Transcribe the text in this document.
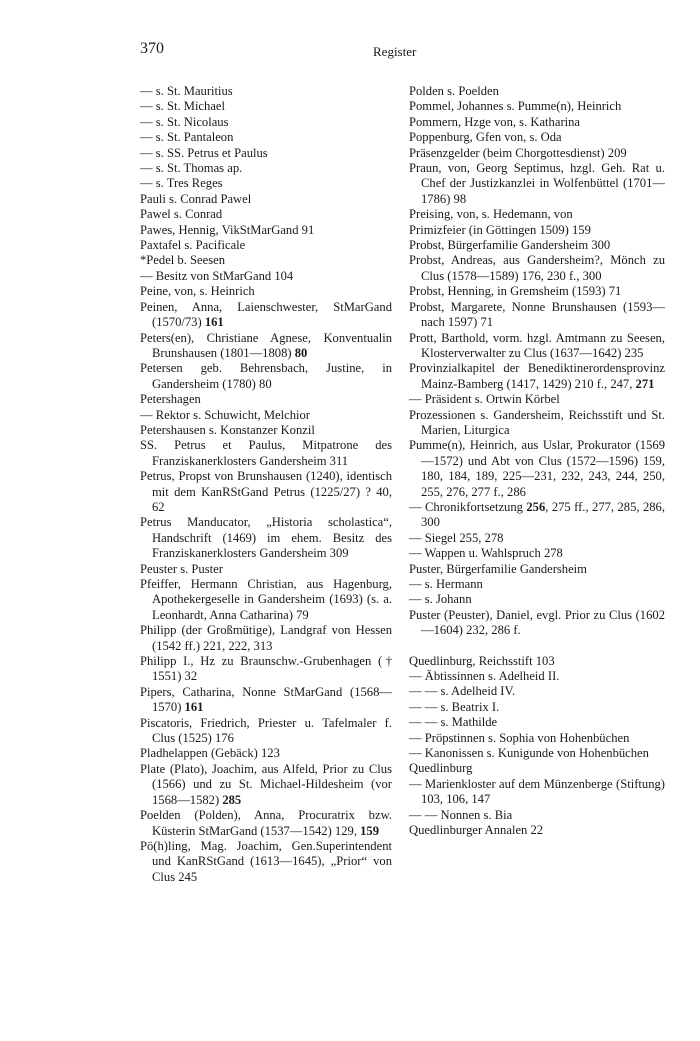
370	Register
— s. St. Mauritius
— s. St. Michael
— s. St. Nicolaus
— s. St. Pantaleon
— s. SS. Petrus et Paulus
— s. St. Thomas ap.
— s. Tres Reges
Pauli s. Conrad Pawel
Pawel s. Conrad
Pawes, Hennig, VikStMarGand 91
Paxtafel s. Pacificale
*Pedel b. Seesen
— Besitz von StMarGand 104
Peine, von, s. Heinrich
Peinen, Anna, Laienschwester, StMarGand (1570/73) 161
Peters(en), Christiane Agnese, Konventualin Brunshausen (1801—1808) 80
Petersen geb. Behrensbach, Justine, in Gandersheim (1780) 80
Petershagen
— Rektor s. Schuwicht, Melchior
Petershausen s. Konstanzer Konzil
SS. Petrus et Paulus, Mitpatrone des Franziskanerklosters Gandersheim 311
Petrus, Propst von Brunshausen (1240), identisch mit dem KanRStGand Petrus (1225/27) ? 40, 62
Petrus Manducator, „Historia scholastica“, Handschrift (1469) im ehem. Besitz des Franziskanerklosters Gandersheim 309
Peuster s. Puster
Pfeiffer, Hermann Christian, aus Hagenburg, Apothekergeselle in Gandersheim (1693) (s. a. Leonhardt, Anna Catharina) 79
Philipp (der Großmütige), Landgraf von Hessen (1542 ff.) 221, 222, 313
Philipp I., Hz zu Braunschw.-Grubenhagen († 1551) 32
Pipers, Catharina, Nonne StMarGand (1568—1570) 161
Piscatoris, Friedrich, Priester u. Tafelmaler f. Clus (1525) 176
Pladhelappen (Gebäck) 123
Plate (Plato), Joachim, aus Alfeld, Prior zu Clus (1566) und zu St. Michael-Hildesheim (vor 1568—1582) 285
Poelden (Polden), Anna, Procuratrix bzw. Küsterin StMarGand (1537—1542) 129, 159
Pö(h)ling, Mag. Joachim, Gen.Superintendent und KanRStGand (1613—1645), „Prior“ von Clus 245
Polden s. Poelden
Pommel, Johannes s. Pumme(n), Heinrich
Pommern, Hzge von, s. Katharina
Poppenburg, Gfen von, s. Oda
Präsenzgelder (beim Chorgottesdienst) 209
Praun, von, Georg Septimus, hzgl. Geh. Rat u. Chef der Justizkanzlei in Wolfenbüttel (1701—1786) 98
Preising, von, s. Hedemann, von
Primizfeier (in Göttingen 1509) 159
Probst, Bürgerfamilie Gandersheim 300
Probst, Andreas, aus Gandersheim?, Mönch zu Clus (1578—1589) 176, 230 f., 300
Probst, Henning, in Gremsheim (1593) 71
Probst, Margarete, Nonne Brunshausen (1593—nach 1597) 71
Prott, Barthold, vorm. hzgl. Amtmann zu Seesen, Klosterverwalter zu Clus (1637—1642) 235
Provinzialkapitel der Benediktinerordensprovinz Mainz-Bamberg (1417, 1429) 210 f., 247, 271
— Präsident s. Ortwin Körbel
Prozessionen s. Gandersheim, Reichsstift und St. Marien, Liturgica
Pumme(n), Heinrich, aus Uslar, Prokurator (1569—1572) und Abt von Clus (1572—1596) 159, 180, 184, 189, 225—231, 232, 243, 244, 250, 255, 276, 277 f., 286
— Chronikfortsetzung 256, 275 ff., 277, 285, 286, 300
— Siegel 255, 278
— Wappen u. Wahlspruch 278
Puster, Bürgerfamilie Gandersheim
— s. Hermann
— s. Johann
Puster (Peuster), Daniel, evgl. Prior zu Clus (1602—1604) 232, 286 f.
Quedlinburg, Reichsstift 103
— Äbtissinnen s. Adelheid II.
— — s. Adelheid IV.
— — s. Beatrix I.
— — s. Mathilde
— Pröpstinnen s. Sophia von Hohenbüchen
— Kanonissen s. Kunigunde von Hohenbüchen
Quedlinburg
— Marienkloster auf dem Münzenberge (Stiftung) 103, 106, 147
— — Nonnen s. Bia
Quedlinburger Annalen 22
